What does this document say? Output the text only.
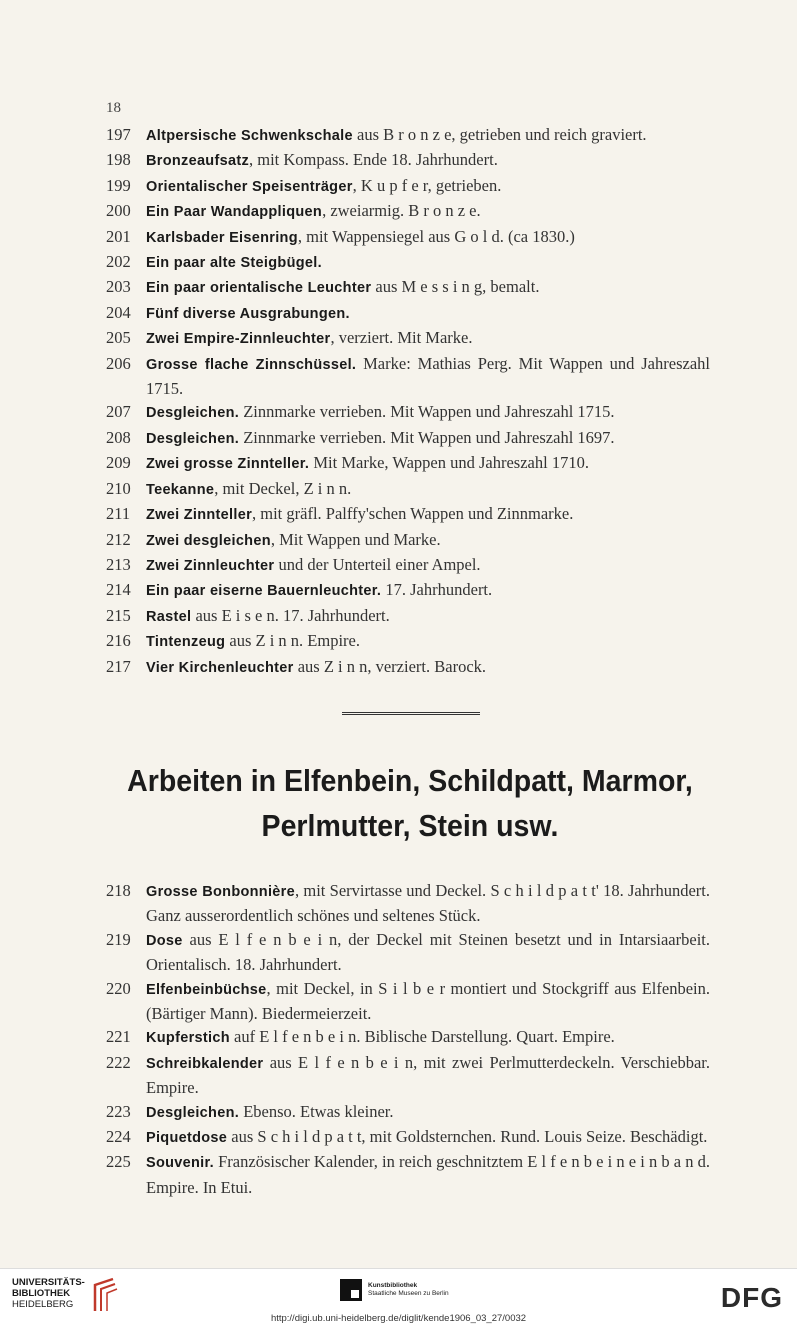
18
197	Altpersische Schwenkschale aus B r o n z e, getrieben und reich graviert.
198	Bronzeaufsatz, mit Kompass. Ende 18. Jahrhundert.
199	Orientalischer Speisenträger, K u p f e r, getrieben.
200	Ein Paar Wandappliquen, zweiarmig. B r o n z e.
201	Karlsbader Eisenring, mit Wappensiegel aus G o l d. (ca 1830.)
202	Ein paar alte Steigbügel.
203	Ein paar orientalische Leuchter aus M e s s i n g, bemalt.
204	Fünf diverse Ausgrabungen.
205	Zwei Empire-Zinnleuchter, verziert. Mit Marke.
206	Grosse flache Zinnschüssel. Marke: Mathias Perg. Mit Wappen und Jahreszahl 1715.
207	Desgleichen. Zinnmarke verrieben. Mit Wappen und Jahreszahl 1715.
208	Desgleichen. Zinnmarke verrieben. Mit Wappen und Jahreszahl 1697.
209	Zwei grosse Zinnteller. Mit Marke, Wappen und Jahreszahl 1710.
210	Teekanne, mit Deckel, Z i n n.
211	Zwei Zinnteller, mit gräfl. Palffy'schen Wappen und Zinnmarke.
212	Zwei desgleichen, Mit Wappen und Marke.
213	Zwei Zinnleuchter und der Unterteil einer Ampel.
214	Ein paar eiserne Bauernleuchter. 17. Jahrhundert.
215	Rastel aus E i s e n. 17. Jahrhundert.
216	Tintenzeug aus Z i n n. Empire.
217	Vier Kirchenleuchter aus Z i n n, verziert. Barock.
Arbeiten in Elfenbein, Schildpatt, Marmor,
Perlmutter, Stein usw.
218	Grosse Bonbonnière, mit Servirtasse und Deckel. S c h i l d p a t t' 18. Jahrhundert. Ganz ausserordentlich schönes und seltenes Stück.
219	Dose aus E l f e n b e i n, der Deckel mit Steinen besetzt und in Intarsiaarbeit. Orientalisch. 18. Jahrhundert.
220	Elfenbeinbüchse, mit Deckel, in S i l b e r montiert und Stockgriff aus Elfenbein. (Bärtiger Mann). Biedermeierzeit.
221	Kupferstich auf E l f e n b e i n. Biblische Darstellung. Quart. Empire.
222	Schreibkalender aus E l f e n b e i n, mit zwei Perlmutterdeckeln. Verschiebbar. Empire.
223	Desgleichen. Ebenso. Etwas kleiner.
224	Piquetdose aus S c h i l d p a t t, mit Goldsternchen. Rund. Louis Seize. Beschädigt.
225	Souvenir. Französischer Kalender, in reich geschnitztem E l f e n b e i n e i n b a n d. Empire. In Etui.
UNIVERSITÄTS-
BIBLIOTHEK
HEIDELBERG
Kunstbibliothek
Staatliche Museen zu Berlin
http://digi.ub.uni-heidelberg.de/diglit/kende1906_03_27/0032
DFG
